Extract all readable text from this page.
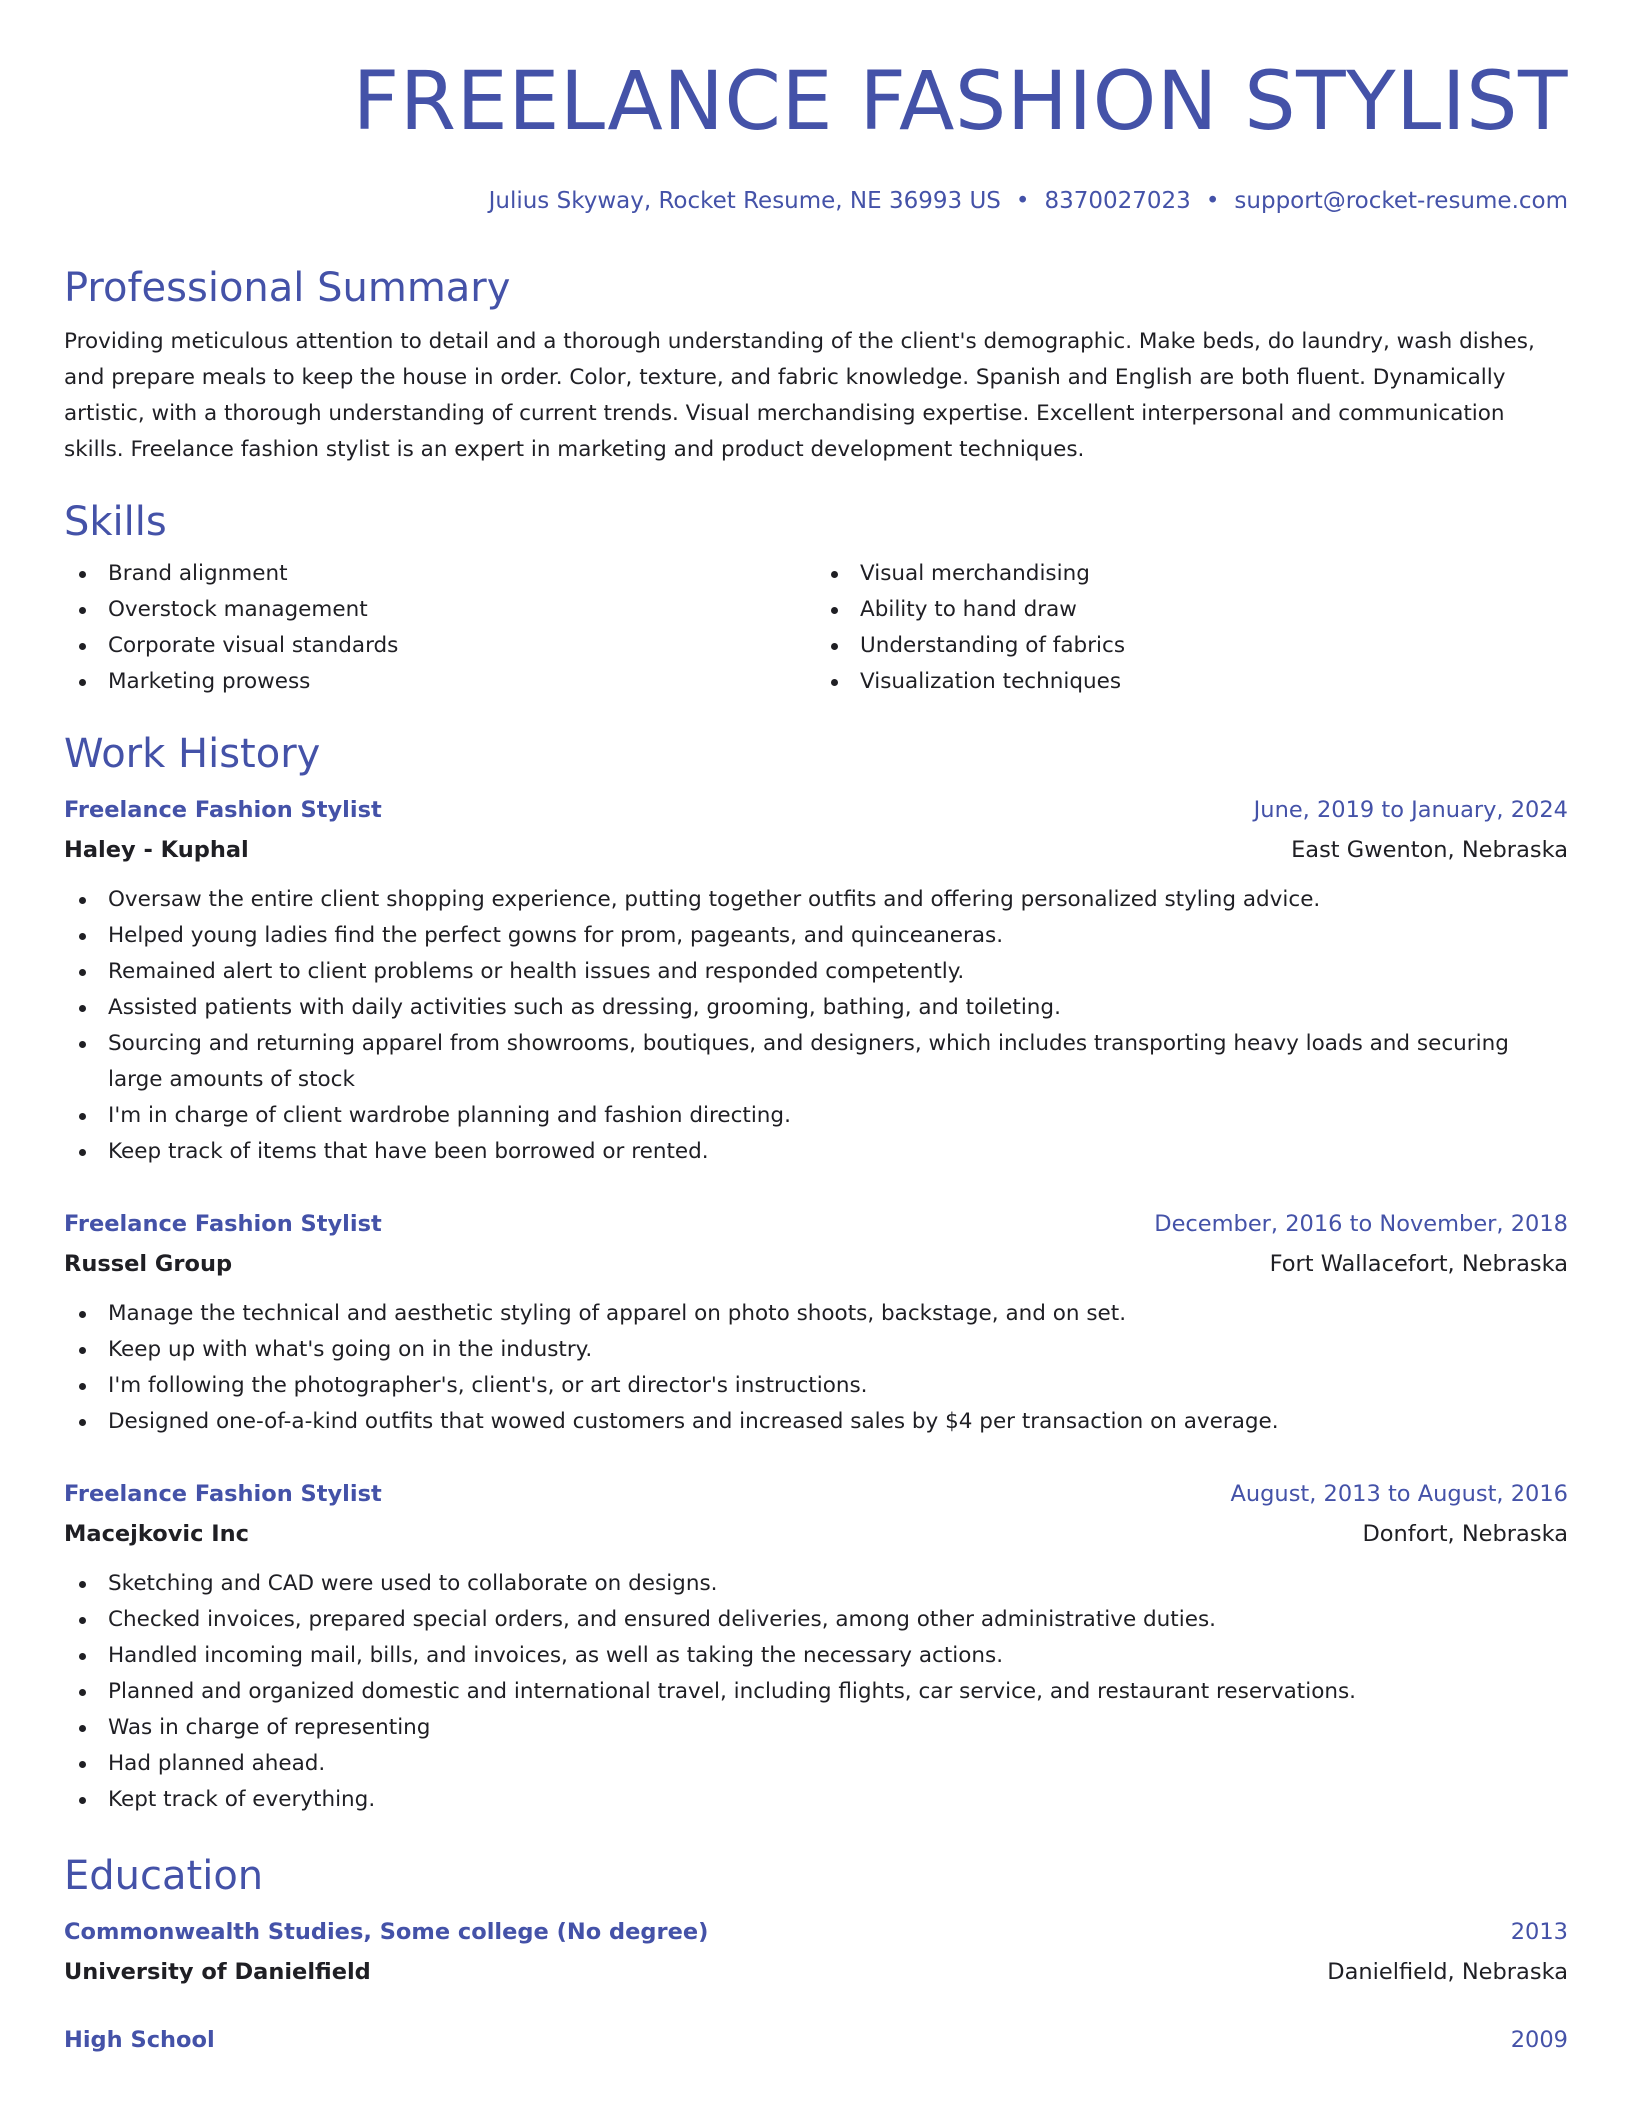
FREELANCE FASHION STYLIST
Julius Skyway, Rocket Resume, NE 36993 US • 8370027023 • support@rocket-resume.com
Professional Summary
Providing meticulous attention to detail and a thorough understanding of the client's demographic. Make beds, do laundry, wash dishes, and prepare meals to keep the house in order. Color, texture, and fabric knowledge. Spanish and English are both fluent. Dynamically artistic, with a thorough understanding of current trends. Visual merchandising expertise. Excellent interpersonal and communication skills. Freelance fashion stylist is an expert in marketing and product development techniques.
Skills
Brand alignment
Overstock management
Corporate visual standards
Marketing prowess
Visual merchandising
Ability to hand draw
Understanding of fabrics
Visualization techniques
Work History
Freelance Fashion Stylist	June, 2019 to January, 2024
Haley - Kuphal	East Gwenton, Nebraska
Oversaw the entire client shopping experience, putting together outfits and offering personalized styling advice.
Helped young ladies find the perfect gowns for prom, pageants, and quinceaneras.
Remained alert to client problems or health issues and responded competently.
Assisted patients with daily activities such as dressing, grooming, bathing, and toileting.
Sourcing and returning apparel from showrooms, boutiques, and designers, which includes transporting heavy loads and securing large amounts of stock
I'm in charge of client wardrobe planning and fashion directing.
Keep track of items that have been borrowed or rented.
Freelance Fashion Stylist	December, 2016 to November, 2018
Russel Group	Fort Wallacefort, Nebraska
Manage the technical and aesthetic styling of apparel on photo shoots, backstage, and on set.
Keep up with what's going on in the industry.
I'm following the photographer's, client's, or art director's instructions.
Designed one-of-a-kind outfits that wowed customers and increased sales by $4 per transaction on average.
Freelance Fashion Stylist	August, 2013 to August, 2016
Macejkovic Inc	Donfort, Nebraska
Sketching and CAD were used to collaborate on designs.
Checked invoices, prepared special orders, and ensured deliveries, among other administrative duties.
Handled incoming mail, bills, and invoices, as well as taking the necessary actions.
Planned and organized domestic and international travel, including flights, car service, and restaurant reservations.
Was in charge of representing
Had planned ahead.
Kept track of everything.
Education
Commonwealth Studies, Some college (No degree)	2013
University of Danielfield	Danielfield, Nebraska
High School	2009
